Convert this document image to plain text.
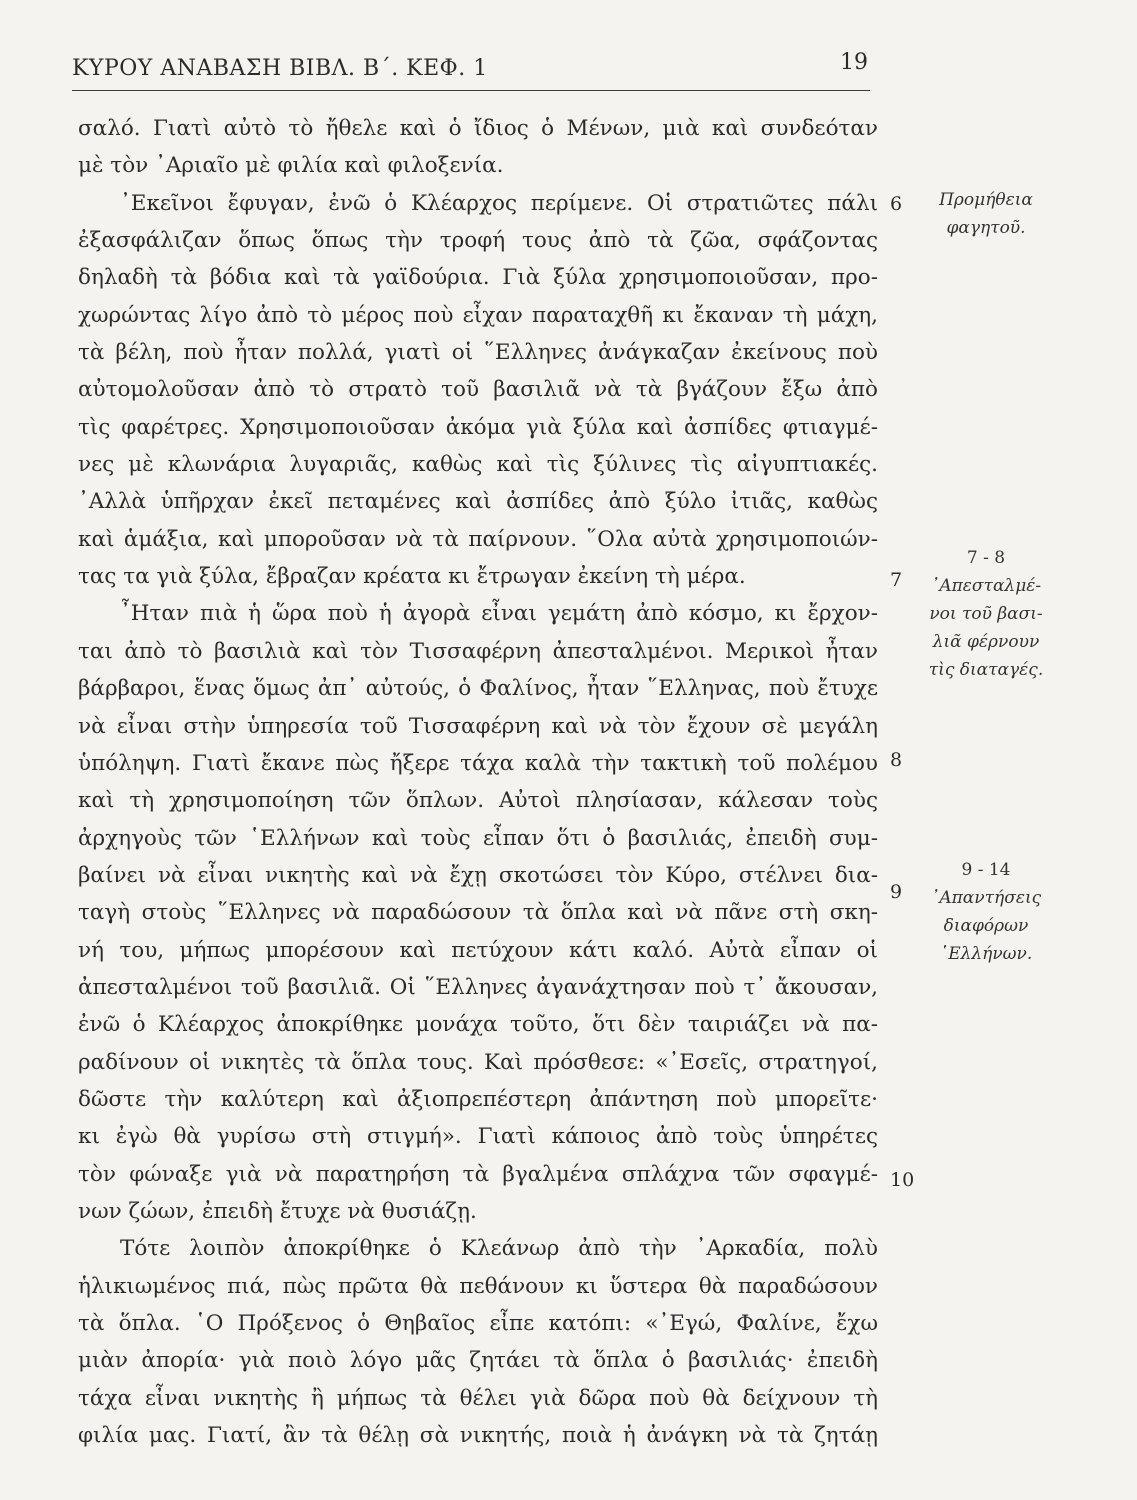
ΚΥΡΟΥ ΑΝΑΒΑΣΗ ΒΙΒΛ. Β΄. ΚΕΦ. 1	19
σαλό. Γιατὶ αὐτὸ τὸ ἤθελε καὶ ὁ ἴδιος ὁ Μένων, μιὰ καὶ συνδεόταν
μὲ τὸν ᾿Αριαῖο μὲ φιλία καὶ φιλοξενία.
᾿Εκεῖνοι ἔφυγαν, ἐνῶ ὁ Κλέαρχος περίμενε. Οἱ στρατιῶτες πάλι
ἐξασφάλιζαν ὅπως ὅπως τὴν τροφή τους ἀπὸ τὰ ζῶα, σφάζοντας
δηλαδὴ τὰ βόδια καὶ τὰ γαϊδούρια. Γιὰ ξύλα χρησιμοποιοῦσαν, προ-
χωρώντας λίγο ἀπὸ τὸ μέρος ποὺ εἶχαν παραταχθῆ κι ἔκαναν τὴ μάχη,
τὰ βέλη, ποὺ ἦταν πολλά, γιατὶ οἱ ῞Ελληνες ἀνάγκαζαν ἐκείνους ποὺ
αὐτομολοῦσαν ἀπὸ τὸ στρατὸ τοῦ βασιλιᾶ νὰ τὰ βγάζουν ἔξω ἀπὸ
τὶς φαρέτρες. Χρησιμοποιοῦσαν ἀκόμα γιὰ ξύλα καὶ ἀσπίδες φτιαγμέ-
νες μὲ κλωνάρια λυγαριᾶς, καθὼς καὶ τὶς ξύλινες τὶς αἰγυπτιακές.
᾿Αλλὰ ὑπῆρχαν ἐκεῖ πεταμένες καὶ ἀσπίδες ἀπὸ ξύλο ἰτιᾶς, καθὼς
καὶ ἁμάξια, καὶ μποροῦσαν νὰ τὰ παίρνουν. ῞Ολα αὐτὰ χρησιμοποιών-
τας τα γιὰ ξύλα, ἔβραζαν κρέατα κι ἔτρωγαν ἐκείνη τὴ μέρα.
῏Ηταν πιὰ ἡ ὥρα ποὺ ἡ ἀγορὰ εἶναι γεμάτη ἀπὸ κόσμο, κι ἔρχον-
ται ἀπὸ τὸ βασιλιὰ καὶ τὸν Τισσαφέρνη ἀπεσταλμένοι. Μερικοὶ ἦταν
βάρβαροι, ἕνας ὅμως ἀπ᾿ αὐτούς, ὁ Φαλίνος, ἦταν ῞Ελληνας, ποὺ ἔτυχε
νὰ εἶναι στὴν ὑπηρεσία τοῦ Τισσαφέρνη καὶ νὰ τὸν ἔχουν σὲ μεγάλη
ὑπόληψη. Γιατὶ ἔκανε πὼς ἤξερε τάχα καλὰ τὴν τακτικὴ τοῦ πολέμου
καὶ τὴ χρησιμοποίηση τῶν ὅπλων. Αὐτοὶ πλησίασαν, κάλεσαν τοὺς
ἀρχηγοὺς τῶν ῾Ελλήνων καὶ τοὺς εἶπαν ὅτι ὁ βασιλιάς, ἐπειδὴ συμ-
βαίνει νὰ εἶναι νικητὴς καὶ νὰ ἔχῃ σκοτώσει τὸν Κύρο, στέλνει δια-
ταγὴ στοὺς ῞Ελληνες νὰ παραδώσουν τὰ ὅπλα καὶ νὰ πᾶνε στὴ σκη-
νή του, μήπως μπορέσουν καὶ πετύχουν κάτι καλό. Αὐτὰ εἶπαν οἱ
ἀπεσταλμένοι τοῦ βασιλιᾶ. Οἱ ῞Ελληνες ἀγανάχτησαν ποὺ τ᾿ ἄκουσαν,
ἐνῶ ὁ Κλέαρχος ἀποκρίθηκε μονάχα τοῦτο, ὅτι δὲν ταιριάζει νὰ πα-
ραδίνουν οἱ νικητὲς τὰ ὅπλα τους. Καὶ πρόσθεσε: «᾿Εσεῖς, στρατηγοί,
δῶστε τὴν καλύτερη καὶ ἀξιοπρεπέστερη ἀπάντηση ποὺ μπορεῖτε·
κι ἐγὼ θὰ γυρίσω στὴ στιγμή». Γιατὶ κάποιος ἀπὸ τοὺς ὑπηρέτες
τὸν φώναξε γιὰ νὰ παρατηρήση τὰ βγαλμένα σπλάχνα τῶν σφαγμέ-
νων ζώων, ἐπειδὴ ἔτυχε νὰ θυσιάζῃ.
Τότε λοιπὸν ἀποκρίθηκε ὁ Κλεάνωρ ἀπὸ τὴν ᾿Αρκαδία, πολὺ
ἡλικιωμένος πιά, πὼς πρῶτα θὰ πεθάνουν κι ὕστερα θὰ παραδώσουν
τὰ ὅπλα. ῾Ο Πρόξενος ὁ Θηβαῖος εἶπε κατόπι: «᾿Εγώ, Φαλίνε, ἔχω
μιὰν ἀπορία· γιὰ ποιὸ λόγο μᾶς ζητάει τὰ ὅπλα ὁ βασιλιάς· ἐπειδὴ
τάχα εἶναι νικητὴς ἢ μήπως τὰ θέλει γιὰ δῶρα ποὺ θὰ δείχνουν τὴ
φιλία μας. Γιατί, ἂν τὰ θέλῃ σὰ νικητής, ποιὰ ἡ ἀνάγκη νὰ τὰ ζητάῃ
6
7
8
9
10
Προμήθεια
φαγητοῦ.
7 - 8
᾿Απεσταλμέ-
νοι τοῦ βασι-
λιᾶ φέρνουν
τὶς διαταγές.
9 - 14
᾿Απαντήσεις
διαφόρων
῾Ελλήνων.
